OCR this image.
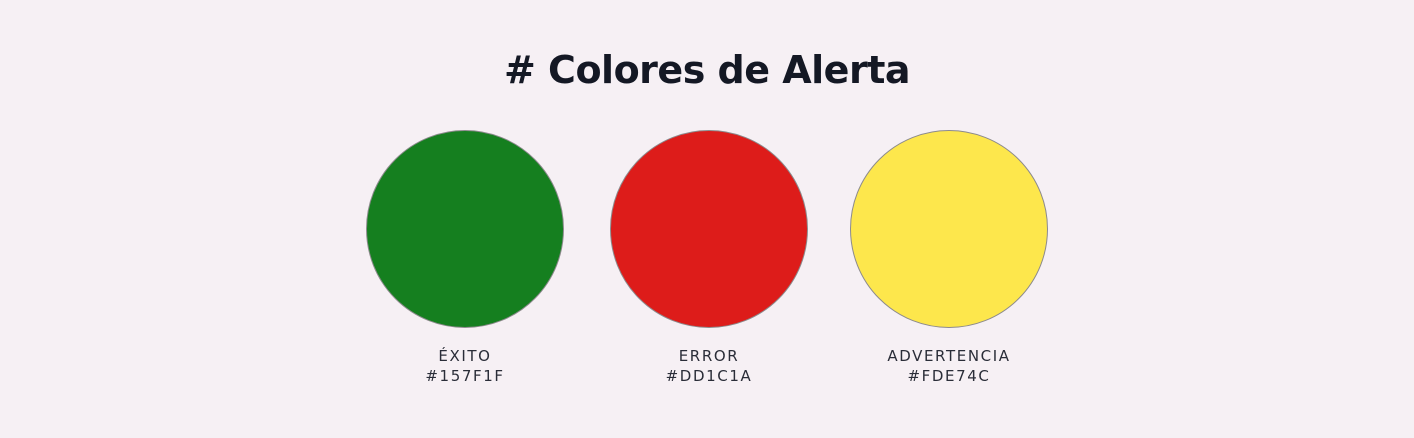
# Colores de Alerta
ÉXITO
#157F1F
ERROR
#DD1C1A
ADVERTENCIA
#FDE74C
